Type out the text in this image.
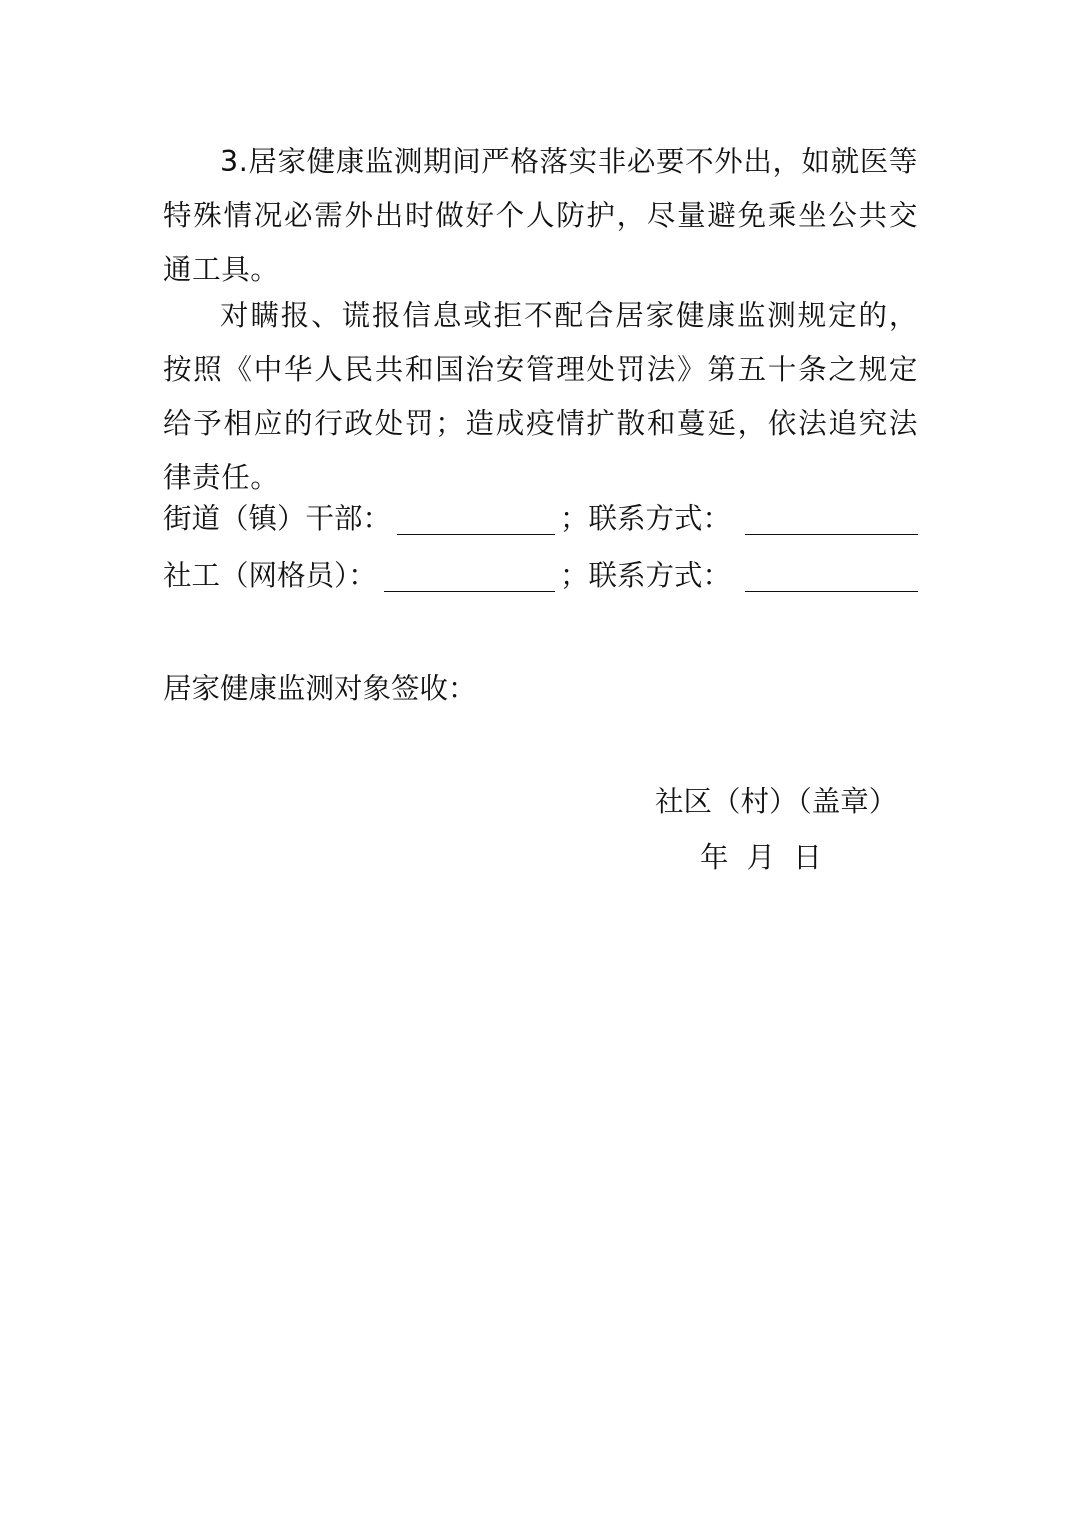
3.居家健康监测期间严格落实非必要不外出，如就医等特殊情况必需外出时做好个人防护，尽量避免乘坐公共交通工具。

对瞒报、谎报信息或拒不配合居家健康监测规定的，按照《中华人民共和国治安管理处罚法》第五十条之规定给予相应的行政处罚；造成疫情扩散和蔓延，依法追究法律责任。

街道（镇）干部：	；联系方式：
社工（网格员）：	；联系方式：
居家健康监测对象签收：
社区（村）（盖章）
年  月  日
